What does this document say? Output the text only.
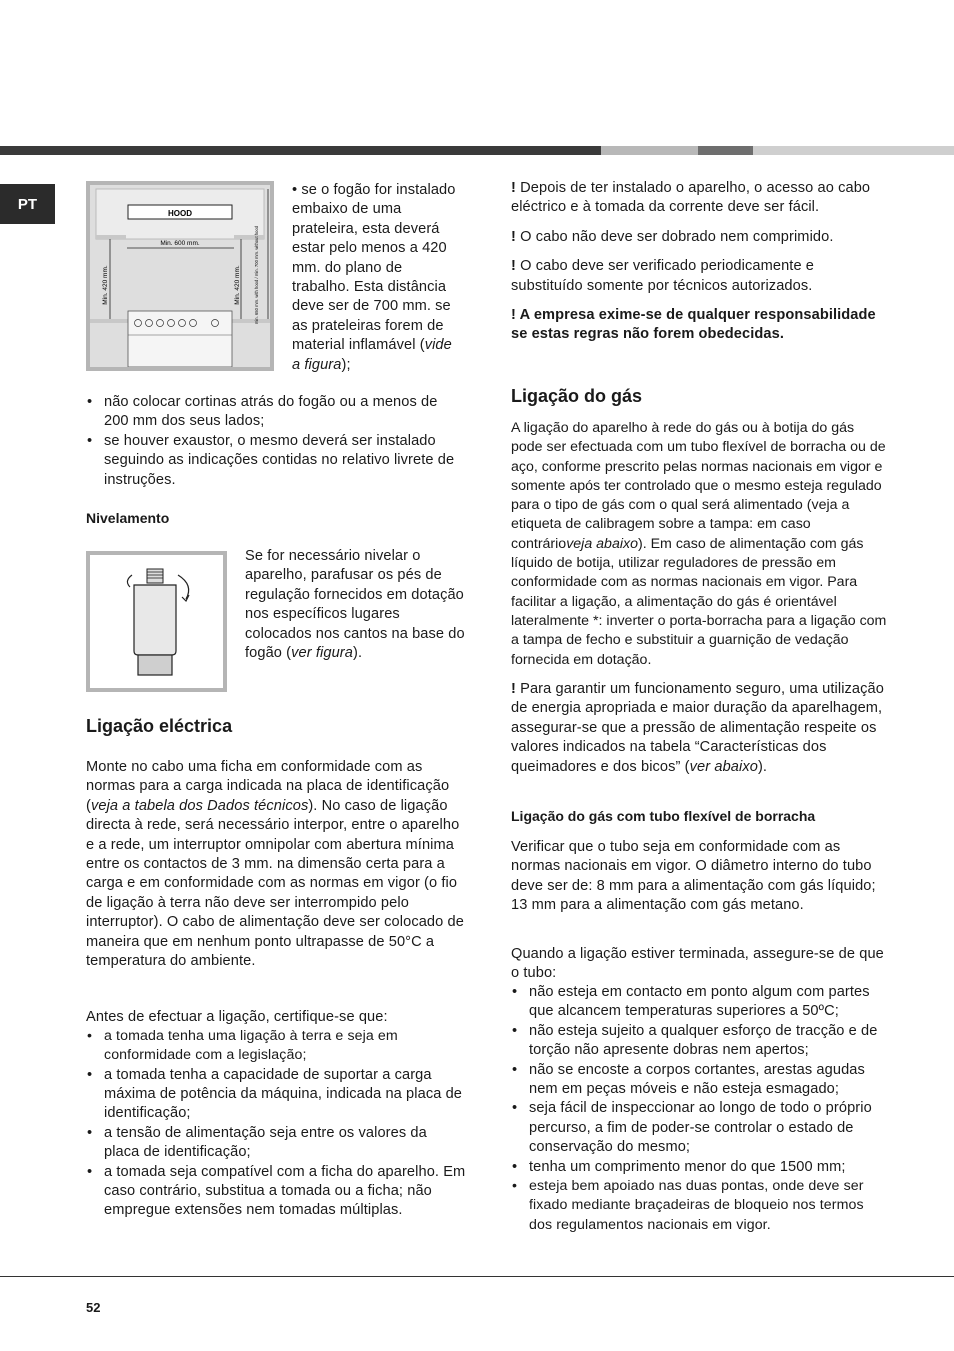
PT
HOOD
Min. 600 mm.
Min. 420 mm.	Min. 420 mm.	min. 650 mm. with hood / min. 700 mm. without hood

• se o fogão for instalado embaixo de uma prateleira, esta deverá estar pelo menos a 420 mm. do plano de trabalho. Esta distância deve ser de 700 mm. se as prateleiras forem de material inflamável (vide a figura);

• não colocar cortinas atrás do fogão ou a menos de 200 mm dos seus lados;
• se houver exaustor, o mesmo deverá ser instalado seguindo as indicações contidas no relativo livrete de instruções.
Nivelamento

Se for necessário nivelar o aparelho, parafusar os pés de regulação fornecidos em dotação nos específicos lugares colocados nos cantos na base do fogão (ver figura).

Ligação eléctrica

Monte no cabo uma ficha em conformidade com as normas para a carga indicada na placa de identificação (veja a tabela dos Dados técnicos). No caso de ligação directa à rede, será necessário interpor, entre o aparelho e a rede, um interruptor omnipolar com abertura mínima entre os contactos de 3 mm. na dimensão certa para a carga e em conformidade com as normas em vigor (o fio de ligação à terra não deve ser interrompido pelo interruptor). O cabo de alimentação deve ser colocado de maneira que em nenhum ponto ultrapasse de 50°C a temperatura do ambiente.

Antes de efectuar a ligação, certifique-se que:

• a tomada tenha uma ligação à terra e seja em conformidade com a legislação;
• a tomada tenha a capacidade de suportar a carga máxima de potência da máquina, indicada na placa de identificação;
• a tensão de alimentação seja entre os valores da placa de identificação;
• a tomada seja compatível com a ficha do aparelho. Em caso contrário, substitua a tomada ou a ficha; não empregue extensões nem tomadas múltiplas.

! Depois de ter instalado o aparelho, o acesso ao cabo eléctrico e à tomada da corrente deve ser fácil.

! O cabo não deve ser dobrado nem comprimido.

! O cabo deve ser verificado periodicamente e substituído somente por técnicos autorizados.

! A empresa exime-se de qualquer responsabilidade se estas regras não forem obedecidas.

Ligação do gás

A ligação do aparelho à rede do gás ou à botija do gás pode ser efectuada com um tubo flexível de borracha ou de aço, conforme prescrito pelas normas nacionais em vigor e somente após ter controlado que o mesmo esteja regulado para o tipo de gás com o qual será alimentado (veja a etiqueta de calibragem sobre a tampa: em caso contrárioveja abaixo). Em caso de alimentação com gás líquido de botija, utilizar reguladores de pressão em conformidade com as normas nacionais em vigor. Para facilitar a ligação, a alimentação do gás é orientável lateralmente *: inverter o porta-borracha para a ligação com a tampa de fecho e substituir a guarnição de vedação fornecida em dotação.

! Para garantir um funcionamento seguro, uma utilização de energia apropriada e maior duração da aparelhagem, assegurar-se que a pressão de alimentação respeite os valores indicados na tabela “Características dos queimadores e dos bicos” (ver abaixo).

Ligação do gás com tubo flexível de borracha

Verificar que o tubo seja em conformidade com as normas nacionais em vigor. O diâmetro interno do tubo deve ser de: 8 mm para a alimentação com gás líquido; 13 mm para a alimentação com gás metano.

Quando a ligação estiver terminada, assegure-se de que o tubo:

• não esteja em contacto em ponto algum com partes que alcancem temperaturas superiores a 50ºC;
• não esteja sujeito a qualquer esforço de tracção e de torção não apresente dobras nem apertos;
• não se encoste a corpos cortantes, arestas agudas nem em peças móveis e não esteja esmagado;
• seja fácil de inspeccionar ao longo de todo o próprio percurso, a fim de poder-se controlar o estado de conservação do mesmo;
• tenha um comprimento menor do que 1500 mm;
• esteja bem apoiado nas duas pontas, onde deve ser fixado mediante braçadeiras de bloqueio nos termos dos regulamentos nacionais em vigor.
52
